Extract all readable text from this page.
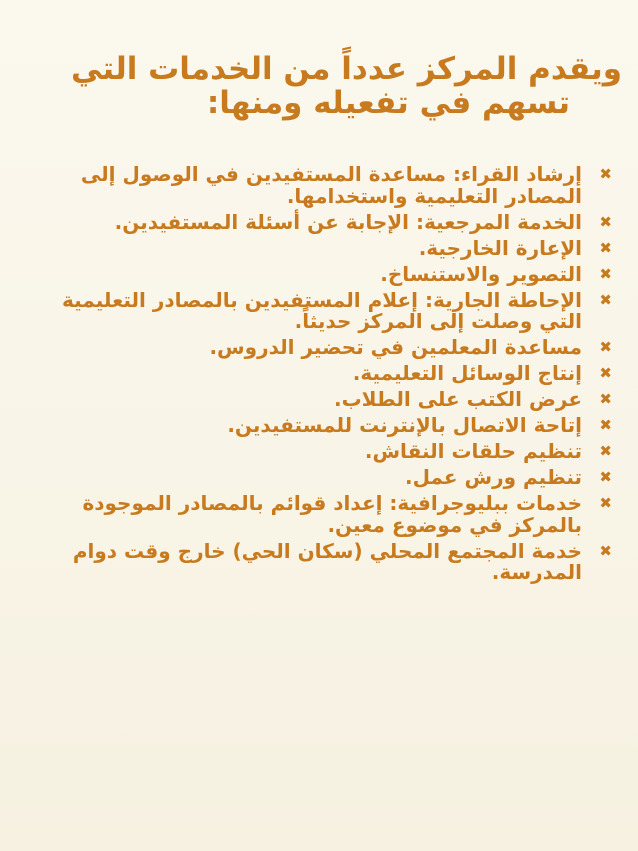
ويقدم المركز عدداً من الخدمات التي

تسهم في تفعيله ومنها:
✖
إرشاد القراء: مساعدة المستفيدين في الوصول إلى المصادر التعليمية واستخدامها.
✖
الخدمة المرجعية: الإجابة عن أسئلة المستفيدين.
✖
الإعارة الخارجية.
✖
التصوير والاستنساخ.
✖
الإحاطة الجارية: إعلام المستفيدين بالمصادر التعليمية التي وصلت إلى المركز حديثاً.
✖
مساعدة المعلمين في تحضير الدروس.
✖
إنتاج الوسائل التعليمية.
✖
عرض الكتب على الطلاب.
✖
إتاحة الاتصال بالإنترنت للمستفيدين.
✖
تنظيم حلقات النقاش.
✖
تنظيم ورش عمل.
✖
خدمات ببليوجرافية: إعداد قوائم بالمصادر الموجودة بالمركز في موضوع معين.
✖
خدمة المجتمع المحلي (سكان الحي) خارج وقت دوام المدرسة.
